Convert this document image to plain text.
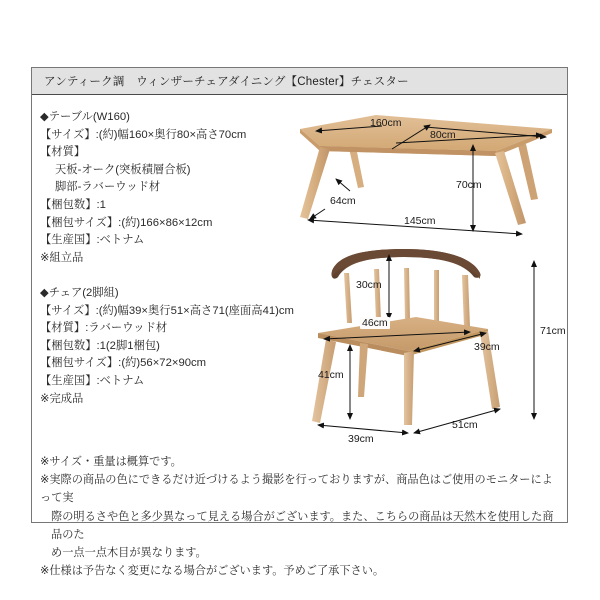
アンティーク調　ウィンザーチェアダイニング【Chester】チェスター
◆テーブル(W160)
【サイズ】:(約)幅160×奥行80×高さ70cm
【材質】
天板-オーク(突板積層合板)
脚部-ラバーウッド材
【梱包数】:1
【梱包サイズ】:(約)166×86×12cm
【生産国】:ベトナム
※組立品
◆チェア(2脚組)
【サイズ】:(約)幅39×奥行51×高さ71(座面高41)cm
【材質】:ラバーウッド材
【梱包数】:1(2脚1梱包)
【梱包サイズ】:(約)56×72×90cm
【生産国】:ベトナム
※完成品
※サイズ・重量は概算です。
※実際の商品の色にできるだけ近づけるよう撮影を行っておりますが、商品色はご使用のモニターによって実
際の明るさや色と多少異なって見える場合がございます。また、こちらの商品は天然木を使用した商品のた
め一点一点木目が異なります。
※仕様は予告なく変更になる場合がございます。予めご了承下さい。
160cm
80cm
70cm
64cm
145cm
30cm
46cm
71cm
39cm
41cm
39cm
51cm
